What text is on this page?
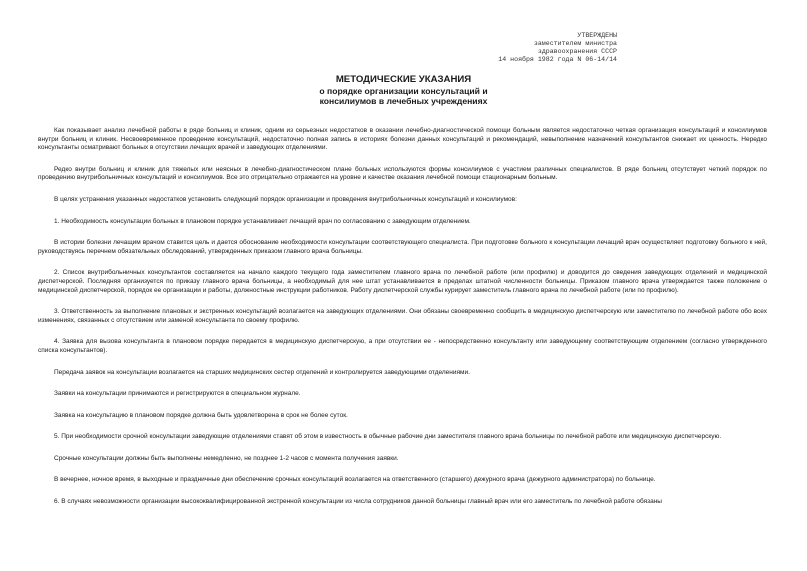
УТВЕРЖДЕНЫ
заместителем министра
здравоохранения СССР
14 ноября 1982 года N 06-14/14
МЕТОДИЧЕСКИЕ УКАЗАНИЯ
о порядке организации консультаций и
консилиумов в лечебных учреждениях

Как показывает анализ лечебной работы в ряде больниц и клиник, одним из серьезных недостатков в оказании лечебно-диагностической помощи больным является недостаточно четкая организация консультаций и консилиумов внутри больниц и клиник. Несвоевременное проведение консультаций, недостаточно полная запись в историях болезни данных консультаций и рекомендаций, невыполнение назначений консультантов снижает их ценность. Нередко консультанты осматривают больных в отсутствии лечащих врачей и заведующих отделениями.

Редко внутри больниц и клиник для тяжелых или неясных в лечебно-диагностическом плане больных используются формы консилиумов с участием различных специалистов. В ряде больниц отсутствует четкий порядок по проведению внутрибольничных консультаций и консилиумов. Все это отрицательно отражается на уровне и качестве оказания лечебной помощи стационарным больным.

В целях устранения указанных недостатков установить следующий порядок организации и проведения внутрибольничных консультаций и консилиумов:

1. Необходимость консультации больных в плановом порядке устанавливает лечащий врач по согласованию с заведующим отделением.

В истории болезни лечащим врачом ставится цель и дается обоснование необходимости консультации соответствующего специалиста. При подготовке больного к консультации лечащий врач осуществляет подготовку больного к ней, руководствуясь перечнем обязательных обследований, утвержденных приказом главного врача больницы.

2. Список внутрибольничных консультантов составляется на начало каждого текущего года заместителем главного врача по лечебной работе (или профилю) и доводится до сведения заведующих отделений и медицинской диспетчерской. Последняя организуется по приказу главного врача больницы, а необходимый для нее штат устанавливается в пределах штатной численности больницы. Приказом главного врача утверждается также положение о медицинской диспетчерской, порядок ее организации и работы, должностные инструкции работников. Работу диспетчерской службы курирует заместитель главного врача по лечебной работе (или по профилю).

3. Ответственность за выполнение плановых и экстренных консультаций возлагается на заведующих отделениями. Они обязаны своевременно сообщить в медицинскую диспетчерскую или заместителю по лечебной работе обо всех изменениях, связанных с отсутствием или заменой консультанта по своему профилю.

4. Заявка для вызова консультанта в плановом порядке передается в медицинскую диспетчерскую, а при отсутствии ее - непосредственно консультанту или заведующему соответствующим отделением (согласно утвержденного списка консультантов).

Передача заявок на консультации возлагается на старших медицинских сестер отделений и контролируется заведующими отделениями.

Заявки на консультации принимаются и регистрируются в специальном журнале.

Заявка на консультацию в плановом порядке должна быть удовлетворена в срок не более суток.

5. При необходимости срочной консультации заведующие отделениями ставят об этом в известность в обычные рабочие дни заместителя главного врача больницы по лечебной работе или медицинскую диспетчерскую.

Срочные консультации должны быть выполнены немедленно, не позднее 1-2 часов с момента получения заявки.

В вечернее, ночное время, в выходные и праздничные дни обеспечение срочных консультаций возлагается на ответственного (старшего) дежурного врача (дежурного администратора) по больнице.

6. В случаях невозможности организации высококвалифицированной экстренной консультации из числа сотрудников данной больницы главный врач или его заместитель по лечебной работе обязаны
